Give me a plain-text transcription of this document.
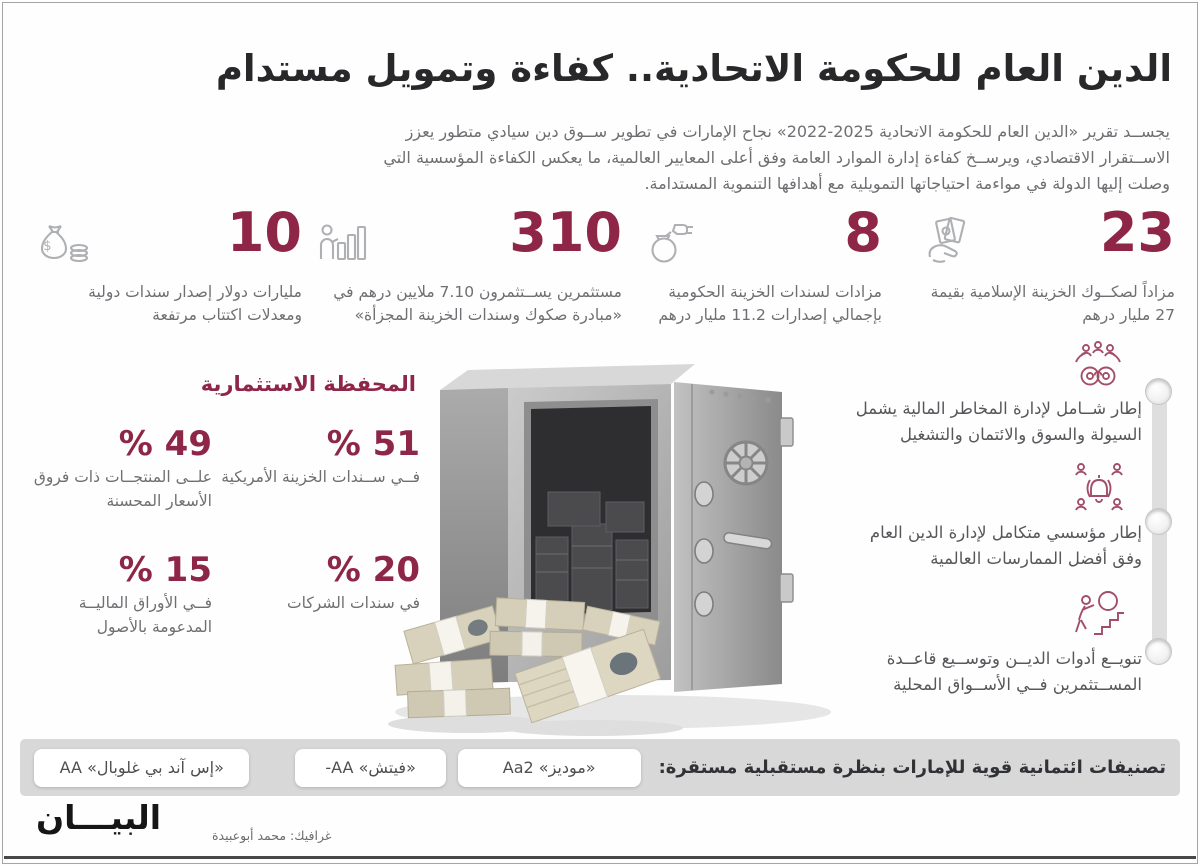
الدين العام للحكومة الاتحادية.. كفاءة وتمويل مستدام

يجســد تقرير «الدين العام للحكومة الاتحادية 2025-2022» نجاح الإمارات في تطوير ســوق دين سيادي متطور يعزز الاســتقرار الاقتصادي، ويرســخ كفاءة إدارة الموارد العامة وفق أعلى المعايير العالمية، ما يعكس الكفاءة المؤسسية التي وصلت إليها الدولة في مواءمة احتياجاتها التمويلية مع أهدافها التنموية المستدامة.

23
مزاداً لصكــوك الخزينة الإسلامية بقيمة 27 مليار درهم
8
مزادات لسندات الخزينة الحكومية بإجمالي إصدارات 11.2 مليار درهم
310
مستثمرين يســتثمرون 7.10 ملايين درهم في «مبادرة صكوك وسندات الخزينة المجزأة»
10
$
مليارات دولار إصدار سندات دولية ومعدلات اكتتاب مرتفعة
المحفظة الاستثمارية
51 %
فــي ســندات الخزينة الأمريكية
49 %
علــى المنتجــات ذات فروق الأسعار المحسنة
20 %
في سندات الشركات
15 %
فــي الأوراق الماليــة المدعومة بالأصول
إطار شــامل لإدارة المخاطر المالية يشمل السيولة والسوق والائتمان والتشغيل
إطار مؤسسي متكامل لإدارة الدين العام وفق أفضل الممارسات العالمية
تنويــع أدوات الديــن وتوســيع قاعــدة المســتثمرين فــي الأســواق المحلية
تصنيفات ائتمانية قوية للإمارات بنظرة مستقبلية مستقرة:
«موديز» Aa2
«فيتش» AA-
«إس آند بي غلوبال» AA
البيـــان	غرافيك: محمد أبوعبيدة
